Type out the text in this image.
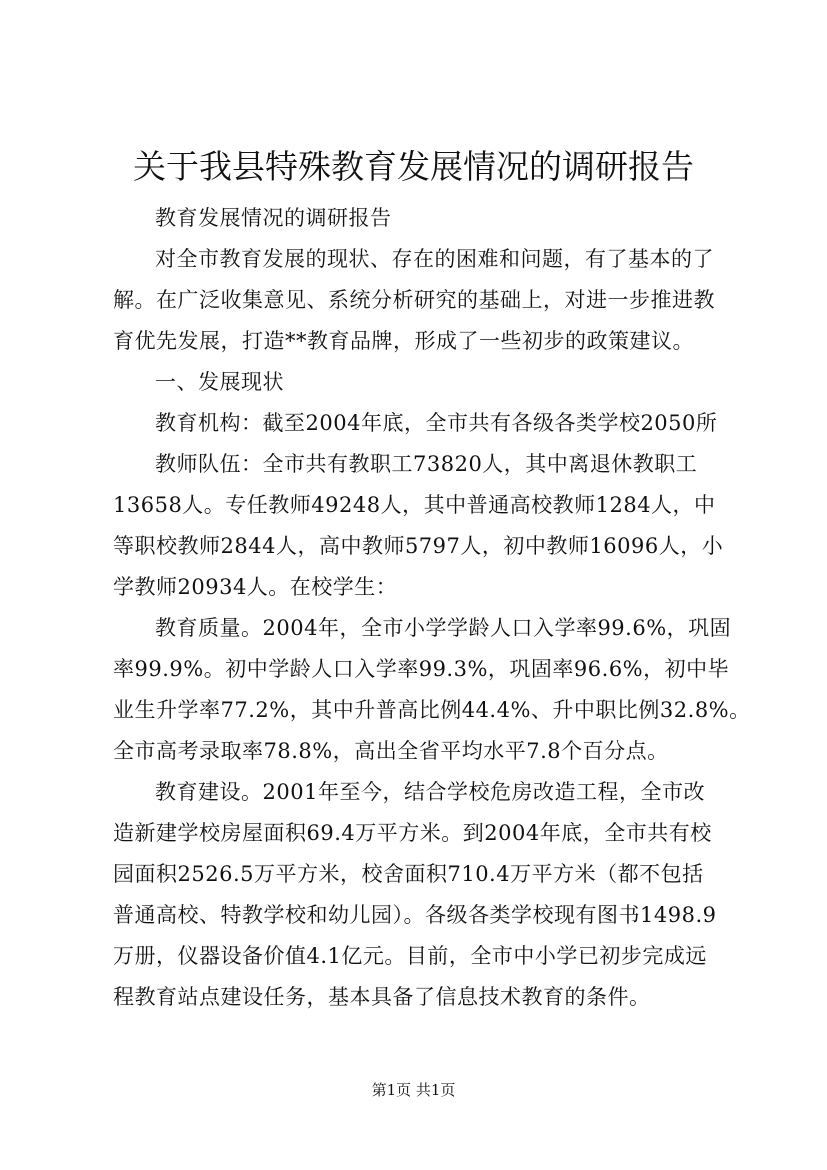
关于我县特殊教育发展情况的调研报告
教育发展情况的调研报告
对全市教育发展的现状、存在的困难和问题，有了基本的了
解。在广泛收集意见、系统分析研究的基础上，对进一步推进教
育优先发展，打造**教育品牌，形成了一些初步的政策建议。
一、发展现状
教育机构：截至2004年底，全市共有各级各类学校2050所
教师队伍：全市共有教职工73820人，其中离退休教职工
13658人。专任教师49248人，其中普通高校教师1284人，中
等职校教师2844人，高中教师5797人，初中教师16096人，小
学教师20934人。在校学生：
教育质量。2004年，全市小学学龄人口入学率99.6%，巩固
率99.9%。初中学龄人口入学率99.3%，巩固率96.6%，初中毕
业生升学率77.2%，其中升普高比例44.4%、升中职比例32.8%。
全市高考录取率78.8%，高出全省平均水平7.8个百分点。
教育建设。2001年至今，结合学校危房改造工程，全市改
造新建学校房屋面积69.4万平方米。到2004年底，全市共有校
园面积2526.5万平方米，校舍面积710.4万平方米（都不包括
普通高校、特教学校和幼儿园）。各级各类学校现有图书1498.9
万册，仪器设备价值4.1亿元。目前，全市中小学已初步完成远
程教育站点建设任务，基本具备了信息技术教育的条件。
第1页 共1页
